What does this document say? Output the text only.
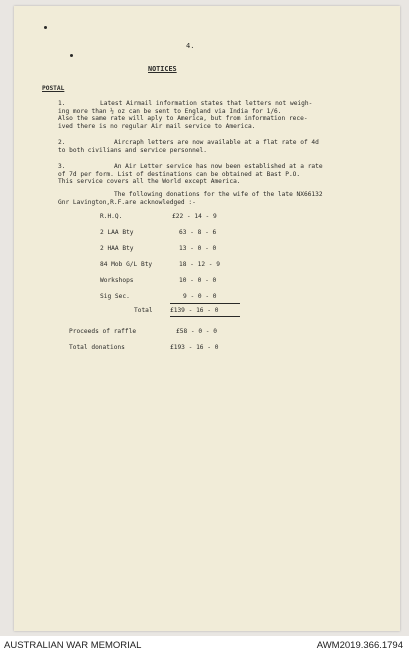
4.
NOTICES
POSTAL
1.	Latest Airmail information states that letters not weigh-
ing more than ½ oz can be sent to England via India for 1/6.
Also the same rate will aply to America, but from information rece-
ived there is no regular Air mail service to America.
2.	Aircraph letters are now available at a flat rate of 4d
to both civilians and service personnel.
3.	An Air Letter service has now been established at a rate
of 7d per form. List of destinations can be obtained at Bast P.O.
This service covers all the World except America.
The following donations for the wife of the late NX66132
Gnr Lavington,R.F.are acknowledged :-
R.H.Q.	£22 - 14 - 9
2 LAA Bty	63 - 8 - 6
2 HAA Bty	13 - 0 - 0
84 Mob G/L Bty	18 - 12 - 9
Workshops	10 - 0 - 0
Sig Sec.	9 - 0 - 0
Total	£139 - 16 - 0
Proceeds of raffle	£58 - 0 - 0
Total donations	£193 - 16 - 0
AUSTRALIAN WAR MEMORIAL	AWM2019.366.1794
